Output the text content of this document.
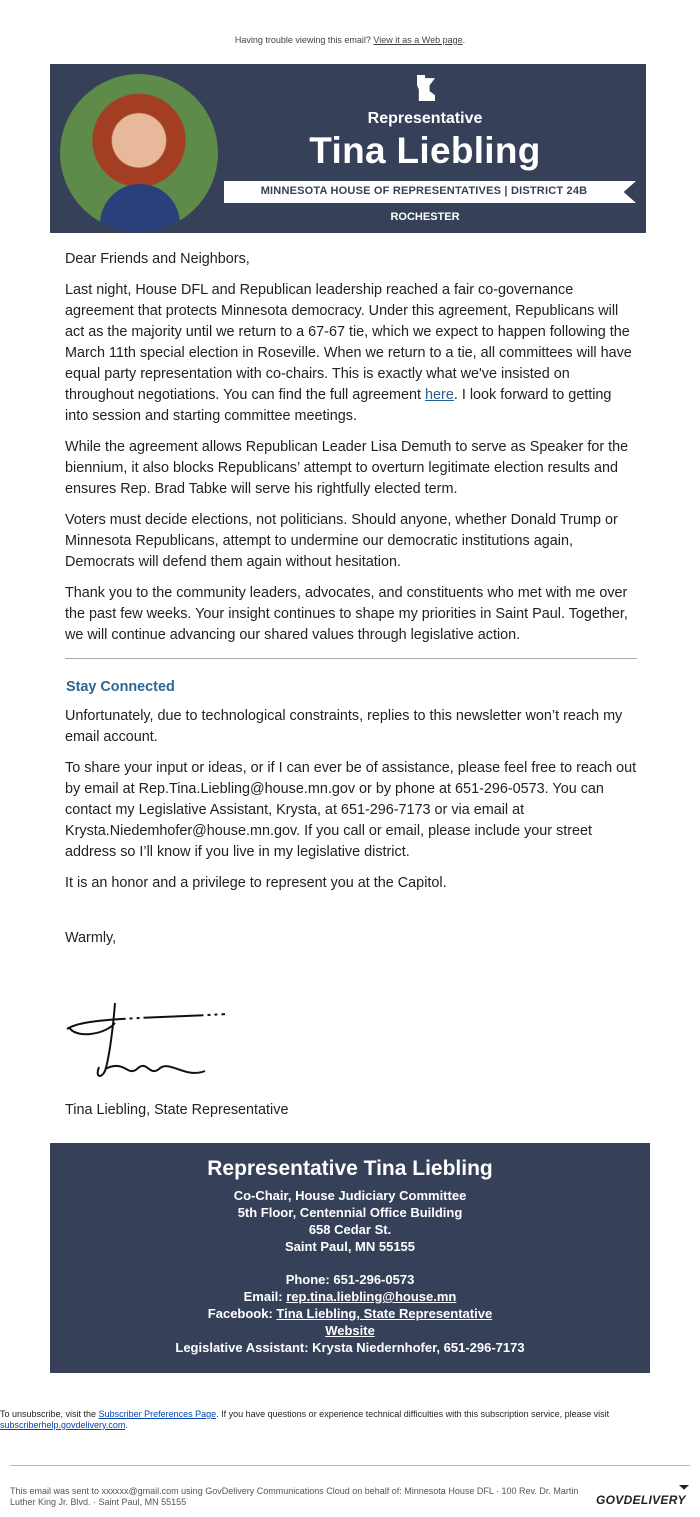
Having trouble viewing this email? View it as a Web page.
Representative
Tina Liebling
MINNESOTA HOUSE OF REPRESENTATIVES | DISTRICT 24B
ROCHESTER

Dear Friends and Neighbors,

Last night, House DFL and Republican leadership reached a fair co-governance agreement that protects Minnesota democracy. Under this agreement, Republicans will act as the majority until we return to a 67-67 tie, which we expect to happen following the March 11th special election in Roseville. When we return to a tie, all committees will have equal party representation with co-chairs. This is exactly what we've insisted on throughout negotiations. You can find the full agreement here. I look forward to getting into session and starting committee meetings.

While the agreement allows Republican Leader Lisa Demuth to serve as Speaker for the biennium, it also blocks Republicans’ attempt to overturn legitimate election results and ensures Rep. Brad Tabke will serve his rightfully elected term.

Voters must decide elections, not politicians. Should anyone, whether Donald Trump or Minnesota Republicans, attempt to undermine our democratic institutions again, Democrats will defend them again without hesitation.

Thank you to the community leaders, advocates, and constituents who met with me over the past few weeks. Your insight continues to shape my priorities in Saint Paul. Together, we will continue advancing our shared values through legislative action.

Stay Connected

Unfortunately, due to technological constraints, replies to this newsletter won’t reach my email account.

To share your input or ideas, or if I can ever be of assistance, please feel free to reach out by email at Rep.Tina.Liebling@house.mn.gov or by phone at 651-296-0573. You can contact my Legislative Assistant, Krysta, at 651-296-7173 or via email at Krysta.Niedemhofer@house.mn.gov. If you call or email, please include your street address so I’ll know if you live in my legislative district.

It is an honor and a privilege to represent you at the Capitol.

Warmly,

Tina Liebling, State Representative

Representative Tina Liebling
Co-Chair, House Judiciary Committee
5th Floor, Centennial Office Building
658 Cedar St.
Saint Paul, MN 55155
Phone: 651-296-0573
Email: rep.tina.liebling@house.mn
Facebook: Tina Liebling, State Representative
Website
Legislative Assistant: Krysta Niedernhofer, 651-296-7173
To unsubscribe, visit the Subscriber Preferences Page. If you have questions or experience technical difficulties with this subscription service, please visit subscriberhelp.govdelivery.com.
This email was sent to xxxxxx@gmail.com using GovDelivery Communications Cloud on behalf of: Minnesota House DFL · 100 Rev. Dr. Martin Luther King Jr. Blvd. · Saint Paul, MN 55155	GOVDELIVERY
